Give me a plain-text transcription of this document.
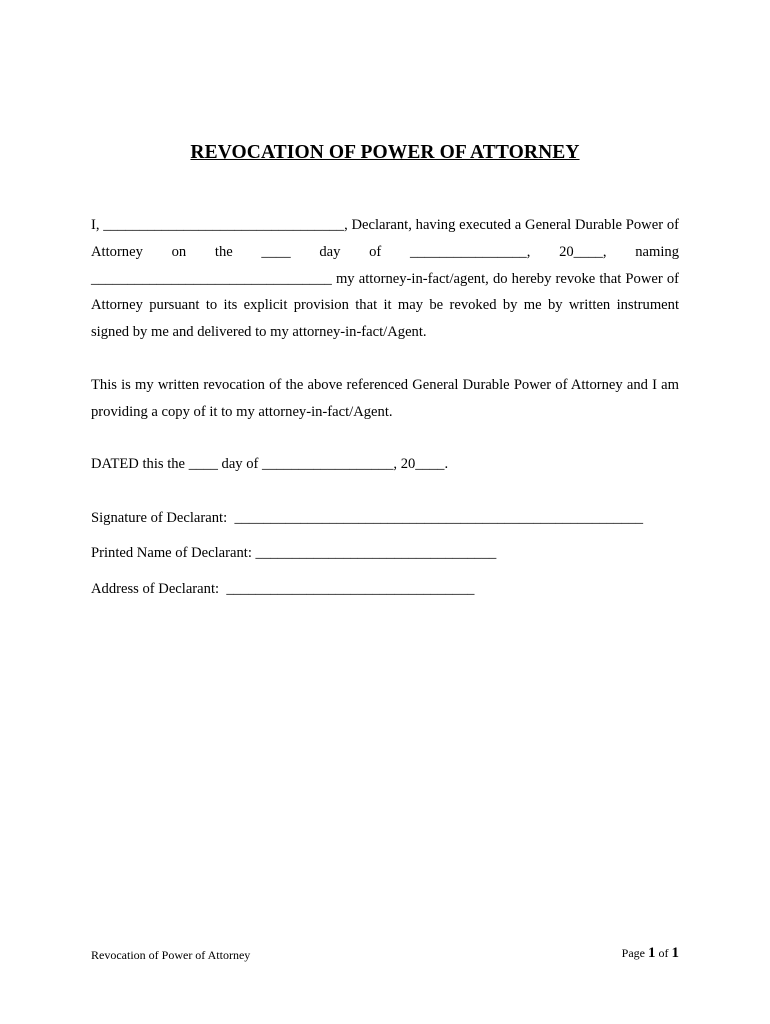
REVOCATION OF POWER OF ATTORNEY
I, _________________________________, Declarant, having executed a General Durable Power of Attorney on the ____ day of ________________, 20____, naming _________________________________ my attorney-in-fact/agent, do hereby revoke that Power of Attorney pursuant to its explicit provision that it may be revoked by me by written instrument signed by me and delivered to my attorney-in-fact/Agent.
This is my written revocation of the above referenced General Durable Power of Attorney and I am providing a copy of it to my attorney-in-fact/Agent.
DATED this the ____ day of __________________, 20____.
Signature of Declarant:  ________________________________________________________
Printed Name of Declarant: _________________________________
Address of Declarant:  __________________________________
Revocation of Power of Attorney	Page 1 of 1
